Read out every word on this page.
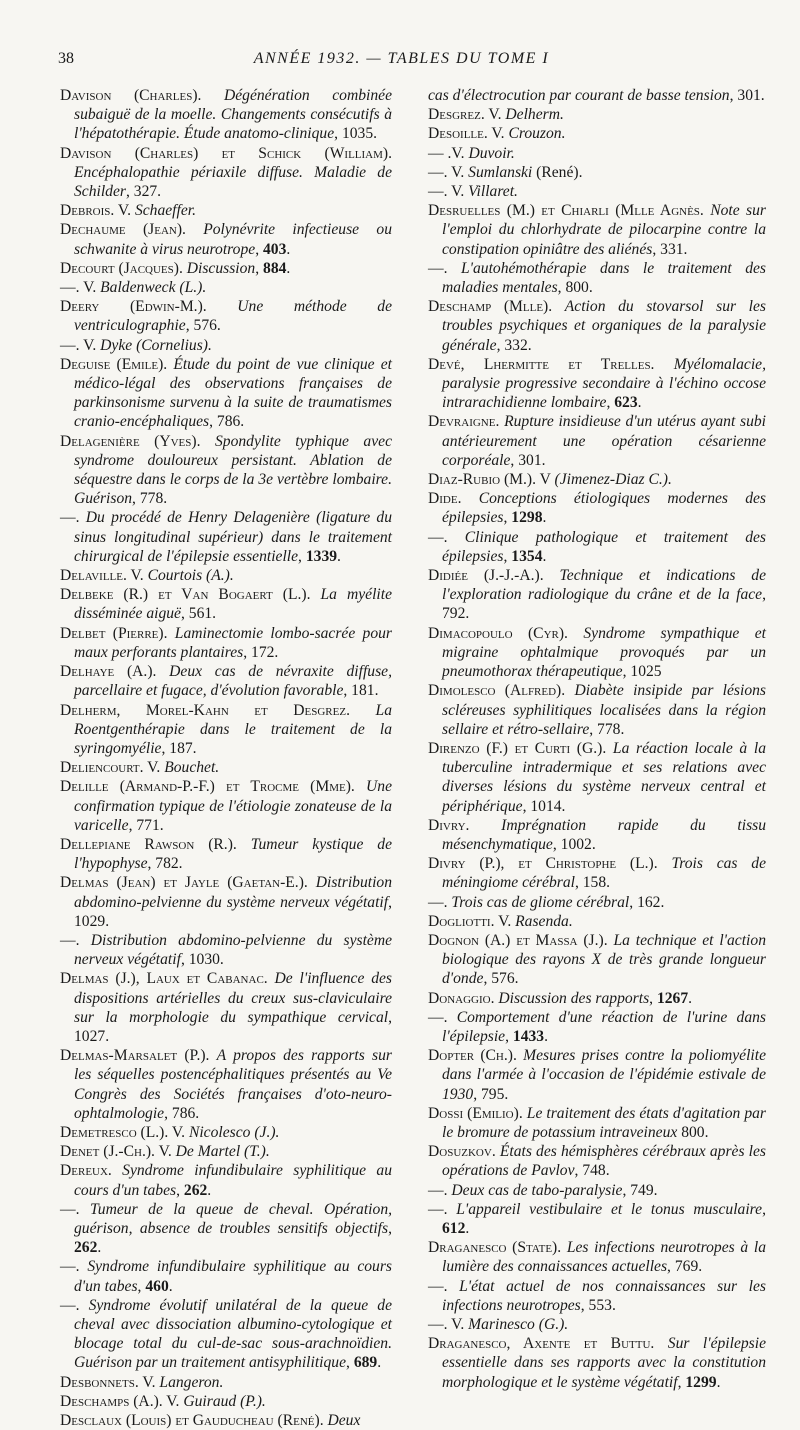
38	ANNÉE 1932. — TABLES DU TOME I

Davison (Charles). Dégénération combinée subaiguë de la moelle. Changements consécutifs à l'hépatothérapie. Étude anatomo-clinique, 1035.

Davison (Charles) et Schick (William). Encéphalopathie périaxile diffuse. Maladie de Schilder, 327.

Debrois. V. Schaeffer.

Dechaume (Jean). Polynévrite infectieuse ou schwanite à virus neurotrope, 403.

Decourt (Jacques). Discussion, 884.

—. V. Baldenweck (L.).

Deery (Edwin-M.). Une méthode de ventriculographie, 576.

—. V. Dyke (Cornelius).

Deguise (Emile). Étude du point de vue clinique et médico-légal des observations françaises de parkinsonisme survenu à la suite de traumatismes cranio-encéphaliques, 786.

Delagenière (Yves). Spondylite typhique avec syndrome douloureux persistant. Ablation de séquestre dans le corps de la 3e vertèbre lombaire. Guérison, 778.

—. Du procédé de Henry Delagenière (ligature du sinus longitudinal supérieur) dans le traitement chirurgical de l'épilepsie essentielle, 1339.

Delaville. V. Courtois (A.).

Delbeke (R.) et Van Bogaert (L.). La myélite disséminée aiguë, 561.

Delbet (Pierre). Laminectomie lombo-sacrée pour maux perforants plantaires, 172.

Delhaye (A.). Deux cas de névraxite diffuse, parcellaire et fugace, d'évolution favorable, 181.

Delherm, Morel-Kahn et Desgrez. La Roentgenthérapie dans le traitement de la syringomyélie, 187.

Deliencourt. V. Bouchet.

Delille (Armand-P.-F.) et Trocme (Mme). Une confirmation typique de l'étiologie zonateuse de la varicelle, 771.

Dellepiane Rawson (R.). Tumeur kystique de l'hypophyse, 782.

Delmas (Jean) et Jayle (Gaetan-E.). Distribution abdomino-pelvienne du système nerveux végétatif, 1029.

—. Distribution abdomino-pelvienne du système nerveux végétatif, 1030.

Delmas (J.), Laux et Cabanac. De l'influence des dispositions artérielles du creux sus-claviculaire sur la morphologie du sympathique cervical, 1027.

Delmas-Marsalet (P.). A propos des rapports sur les séquelles postencéphalitiques présentés au Ve Congrès des Sociétés françaises d'oto-neuro-ophtalmologie, 786.

Demetresco (L.). V. Nicolesco (J.).

Denet (J.-Ch.). V. De Martel (T.).

Dereux. Syndrome infundibulaire syphilitique au cours d'un tabes, 262.

—. Tumeur de la queue de cheval. Opération, guérison, absence de troubles sensitifs objectifs, 262.

—. Syndrome infundibulaire syphilitique au cours d'un tabes, 460.

—. Syndrome évolutif unilatéral de la queue de cheval avec dissociation albumino-cytologique et blocage total du cul-de-sac sous-arachnoïdien. Guérison par un traitement antisyphilitique, 689.

Desbonnets. V. Langeron.

Deschamps (A.). V. Guiraud (P.).

Desclaux (Louis) et Gauducheau (René). Deux

cas d'électrocution par courant de basse tension, 301.

Desgrez. V. Delherm.

Desoille. V. Crouzon.

— .V. Duvoir.

—. V. Sumlanski (René).

—. V. Villaret.

Desruelles (M.) et Chiarli (Mlle Agnès. Note sur l'emploi du chlorhydrate de pilocarpine contre la constipation opiniâtre des aliénés, 331.

—. L'autohémothérapie dans le traitement des maladies mentales, 800.

Deschamp (Mlle). Action du stovarsol sur les troubles psychiques et organiques de la paralysie générale, 332.

Devé, Lhermitte et Trelles. Myélomalacie, paralysie progressive secondaire à l'échino occose intrarachidienne lombaire, 623.

Devraigne. Rupture insidieuse d'un utérus ayant subi antérieurement une opération césarienne corporéale, 301.

Diaz-Rubio (M.). V (Jimenez-Diaz C.).

Dide. Conceptions étiologiques modernes des épilepsies, 1298.

—. Clinique pathologique et traitement des épilepsies, 1354.

Didiée (J.-J.-A.). Technique et indications de l'exploration radiologique du crâne et de la face, 792.

Dimacopoulo (Cyr). Syndrome sympathique et migraine ophtalmique provoqués par un pneumothorax thérapeutique, 1025

Dimolesco (Alfred). Diabète insipide par lésions scléreuses syphilitiques localisées dans la région sellaire et rétro-sellaire, 778.

Direnzo (F.) et Curti (G.). La réaction locale à la tuberculine intradermique et ses relations avec diverses lésions du système nerveux central et périphérique, 1014.

Divry. Imprégnation rapide du tissu mésenchymatique, 1002.

Divry (P.), et Christophe (L.). Trois cas de méningiome cérébral, 158.

—. Trois cas de gliome cérébral, 162.

Dogliotti. V. Rasenda.

Dognon (A.) et Massa (J.). La technique et l'action biologique des rayons X de très grande longueur d'onde, 576.

Donaggio. Discussion des rapports, 1267.

—. Comportement d'une réaction de l'urine dans l'épilepsie, 1433.

Dopter (Ch.). Mesures prises contre la poliomyélite dans l'armée à l'occasion de l'épidémie estivale de 1930, 795.

Dossi (Emilio). Le traitement des états d'agitation par le bromure de potassium intraveineux 800.

Dosuzkov. États des hémisphères cérébraux après les opérations de Pavlov, 748.

—. Deux cas de tabo-paralysie, 749.

—. L'appareil vestibulaire et le tonus musculaire, 612.

Draganesco (State). Les infections neurotropes à la lumière des connaissances actuelles, 769.

—. L'état actuel de nos connaissances sur les infections neurotropes, 553.

—. V. Marinesco (G.).

Draganesco, Axente et Buttu. Sur l'épilepsie essentielle dans ses rapports avec la constitution morphologique et le système végétatif, 1299.
